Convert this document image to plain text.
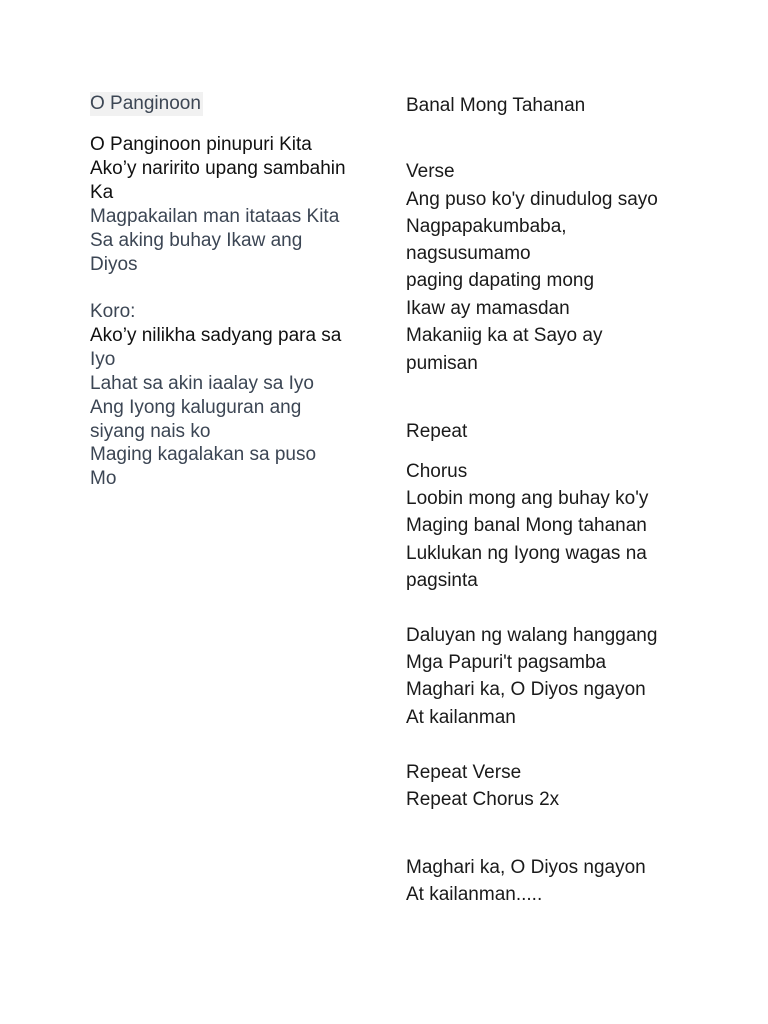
O Panginoon
O Panginoon pinupuri Kita
Ako’y naririto upang sambahin
Ka
Magpakailan man itataas Kita
Sa aking buhay Ikaw ang
Diyos
Koro:
Ako’y nilikha sadyang para sa
Iyo
Lahat sa akin iaalay sa Iyo
Ang Iyong kaluguran ang
siyang nais ko
Maging kagalakan sa puso
Mo
Banal Mong Tahanan
Verse
Ang puso ko'y dinudulog sayo
Nagpapakumbaba,
nagsusumamo
paging dapating mong
Ikaw ay mamasdan
Makaniig ka at Sayo ay
pumisan
Repeat
Chorus
Loobin mong ang buhay ko'y
Maging banal Mong tahanan
Luklukan ng Iyong wagas na
pagsinta
Daluyan ng walang hanggang
Mga Papuri't pagsamba
Maghari ka, O Diyos ngayon
At kailanman
Repeat Verse
Repeat Chorus 2x
Maghari ka, O Diyos ngayon
At kailanman.....
